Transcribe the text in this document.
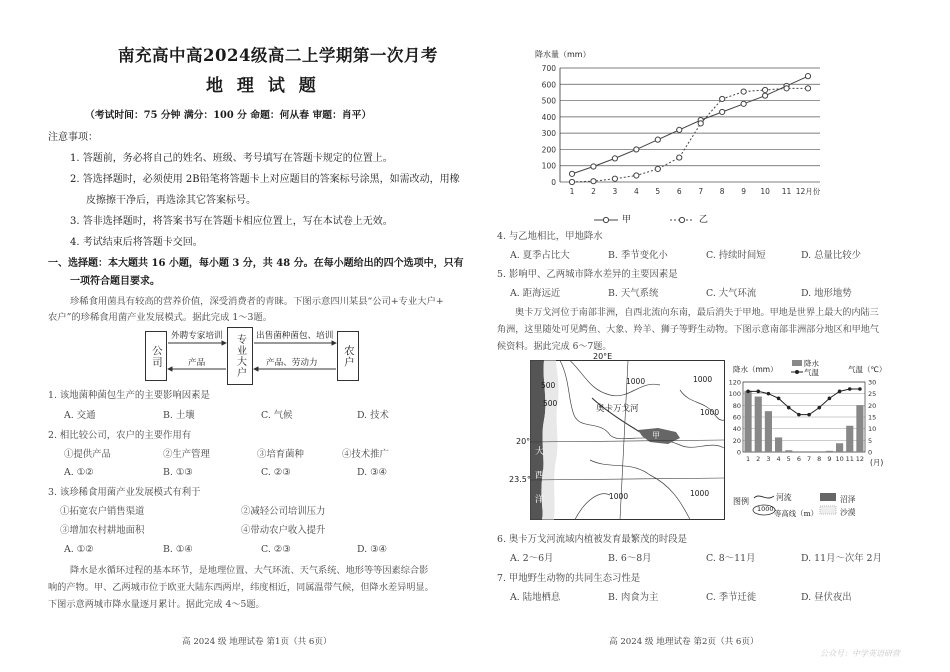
南充高中高2024级高二上学期第一次月考
地 理 试 题
（考试时间：75 分钟 满分：100 分 命题：何从春 审题：肖平）
注意事项：
1. 答题前，务必将自己的姓名、班级、考号填写在答题卡规定的位置上。
2. 答选择题时，必须使用 2B铅笔将答题卡上对应题目的答案标号涂黑，如需改动，用橡
皮擦擦干净后，再选涂其它答案标号。
3. 答非选择题时，将答案书写在答题卡相应位置上，写在本试卷上无效。
4. 考试结束后将答题卡交回。
一、选择题：本大题共 16 小题，每小题 3 分，共 48 分。在每小题给出的四个选项中，只有
一项符合题目要求。
珍稀食用菌具有较高的营养价值，深受消费者的青睐。下图示意四川某县“公司+专业大户+
农户”的珍稀食用菌产业发展模式。据此完成 1～3题。
公司	专业大户	农户
外聘专家培训
产品
出售菌种菌包、培训
产品、劳动力
1. 该地菌种菌包生产的主要影响因素是
A. 交通	B. 土壤	C. 气候	D. 技术
2. 相比较公司，农户的主要作用有
①提供产品	②生产管理	③培育菌种	④技术推广
A. ①②	B. ①③	C. ②③	D. ③④
3. 该珍稀食用菌产业发展模式有利于
①拓宽农户销售渠道	②减轻公司培训压力
③增加农村耕地面积	④带动农户收入提升
A. ①②	B. ①④	C. ②③	D. ③④
降水是水循环过程的基本环节，是地理位置、大气环流、天气系统、地形等等因素综合影
响的产物。甲、乙两城市位于欧亚大陆东西两岸，纬度相近，同属温带气候，但降水差异明显。
下图示意两城市降水量逐月累计。据此完成 4～5题。
高 2024 级 地理试卷 第1页（共 6页）
降水量（mm）
0
100
200
300
400
500
600
700
1 2 3 4 5 6 7 8 9 10 11 12月份
甲	乙
4. 与乙地相比，甲地降水
A. 夏季占比大	B. 季节变化小	C. 持续时间短	D. 总量比较少
5. 影响甲、乙两城市降水差异的主要因素是
A. 距海远近	B. 天气系统	C. 大气环流	D. 地形地势
奥卡万戈河位于南部非洲，自西北流向东南，最后消失于甲地。甲地是世界上最大的内陆三
角洲，这里随处可见鳄鱼、大象、羚羊、狮子等野生动物。下图示意南部非洲部分地区和甲地气
候资料。据此完成 6～7题。
20°E
20°
23.5°
大
西
洋
奥卡万戈河
甲
500
500
1000	1000
1000
1000	1000
降水（mm）	气温（℃）
降水
气温
0
20
40
60
80
100
120
0
5
10
15
20
25
30
1 2 3 4 5 6 7 8 9 10 11 12 (月)
图例	河流
1000 等高线（m）
沼泽
沙漠
6. 奥卡万戈河流域内植被发育最繁茂的时段是
A. 2～6月	B. 6～8月	C. 8～11月	D. 11月～次年 2月
7. 甲地野生动物的共同生态习性是
A. 陆地栖息	B. 肉食为主	C. 季节迁徙	D. 昼伏夜出
高 2024 级 地理试卷 第2页（共 6页）
公众号：中学英语研营
